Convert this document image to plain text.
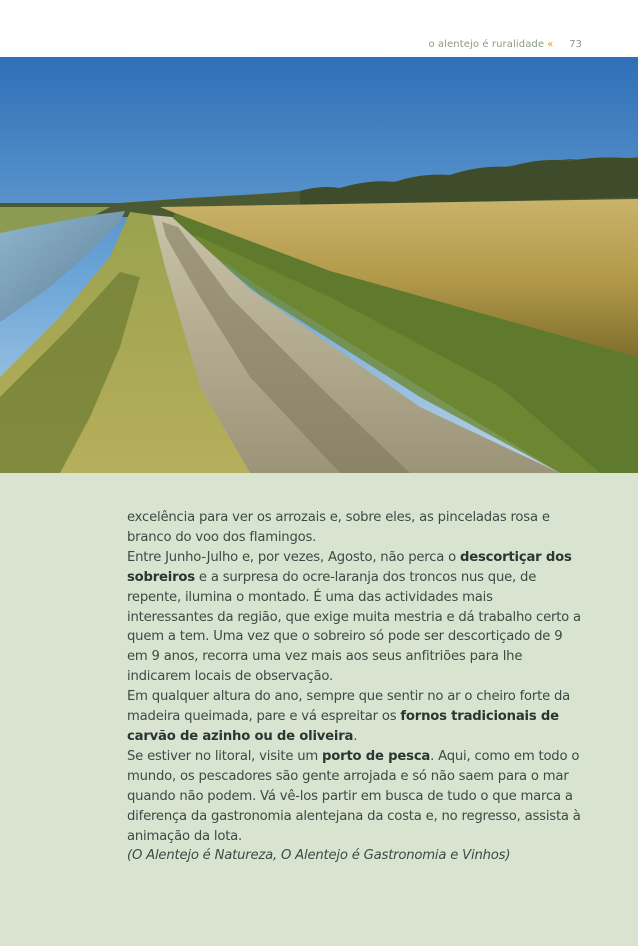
o alentejo é ruralidade « 73

excelência para ver os arrozais e, sobre eles, as pinceladas rosa e branco do voo dos flamingos.

Entre Junho-Julho e, por vezes, Agosto, não perca o descortiçar dos sobreiros e a surpresa do ocre-laranja dos troncos nus que, de repente, ilumina o montado. É uma das actividades mais interessantes da região, que exige muita mestria e dá trabalho certo a quem a tem. Uma vez que o sobreiro só pode ser descortiçado de 9 em 9 anos, recorra uma vez mais aos seus anfitriões para lhe indicarem locais de observação.

Em qualquer altura do ano, sempre que sentir no ar o cheiro forte da madeira queimada, pare e vá espreitar os fornos tradicionais de carvão de azinho ou de oliveira.

Se estiver no litoral, visite um porto de pesca. Aqui, como em todo o mundo, os pescadores são gente arrojada e só não saem para o mar quando não podem. Vá vê-los partir em busca de tudo o que marca a diferença da gastronomia alentejana da costa e, no regresso, assista à animação da lota.

(O Alentejo é Natureza, O Alentejo é Gastronomia e Vinhos)
